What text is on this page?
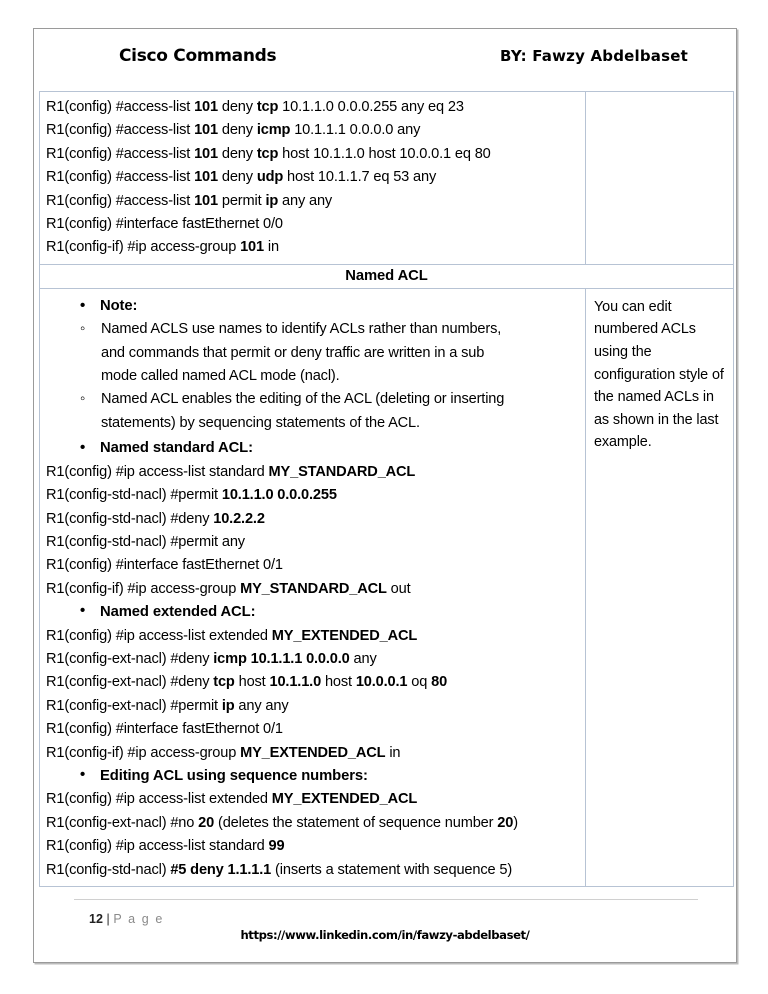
Cisco Commands	BY: Fawzy Abdelbaset
R1(config) #access-list 101 deny tcp 10.1.1.0 0.0.0.255 any eq 23
R1(config) #access-list 101 deny icmp 10.1.1.1 0.0.0.0 any
R1(config) #access-list 101 deny tcp host 10.1.1.0 host 10.0.0.1 eq 80
R1(config) #access-list 101 deny udp host 10.1.1.7 eq 53 any
R1(config) #access-list 101 permit ip any any
R1(config) #interface fastEthernet 0/0
R1(config-if) #ip access-group 101 in

Named ACL	

• Note:
◦ Named ACLS use names to identify ACLs rather than numbers, and commands that permit or deny traffic are written in a sub mode called named ACL mode (nacl).
◦ Named ACL enables the editing of the ACL (deleting or inserting statements) by sequencing statements of the ACL.
• Named standard ACL:
R1(config) #ip access-list standard MY_STANDARD_ACL
R1(config-std-nacl) #permit 10.1.1.0 0.0.0.255
R1(config-std-nacl) #deny 10.2.2.2
R1(config-std-nacl) #permit any
R1(config) #interface fastEthernet 0/1
R1(config-if) #ip access-group MY_STANDARD_ACL out
• Named extended ACL:
R1(config) #ip access-list extended MY_EXTENDED_ACL
R1(config-ext-nacl) #deny icmp 10.1.1.1 0.0.0.0 any
R1(config-ext-nacl) #deny tcp host 10.1.1.0 host 10.0.0.1 oq 80
R1(config-ext-nacl) #permit ip any any
R1(config) #interface fastEthernot 0/1
R1(config-if) #ip access-group MY_EXTENDED_ACL in
• Editing ACL using sequence numbers:
R1(config) #ip access-list extended MY_EXTENDED_ACL
R1(config-ext-nacl) #no 20 (deletes the statement of sequence number 20)
R1(config) #ip access-list standard 99
R1(config-std-nacl) #5 deny 1.1.1.1 (inserts a statement with sequence 5)

You can edit numbered ACLs using the configuration style of the named ACLs in
as shown in the last example.
12 | P a g e
https://www.linkedin.com/in/fawzy-abdelbaset/
